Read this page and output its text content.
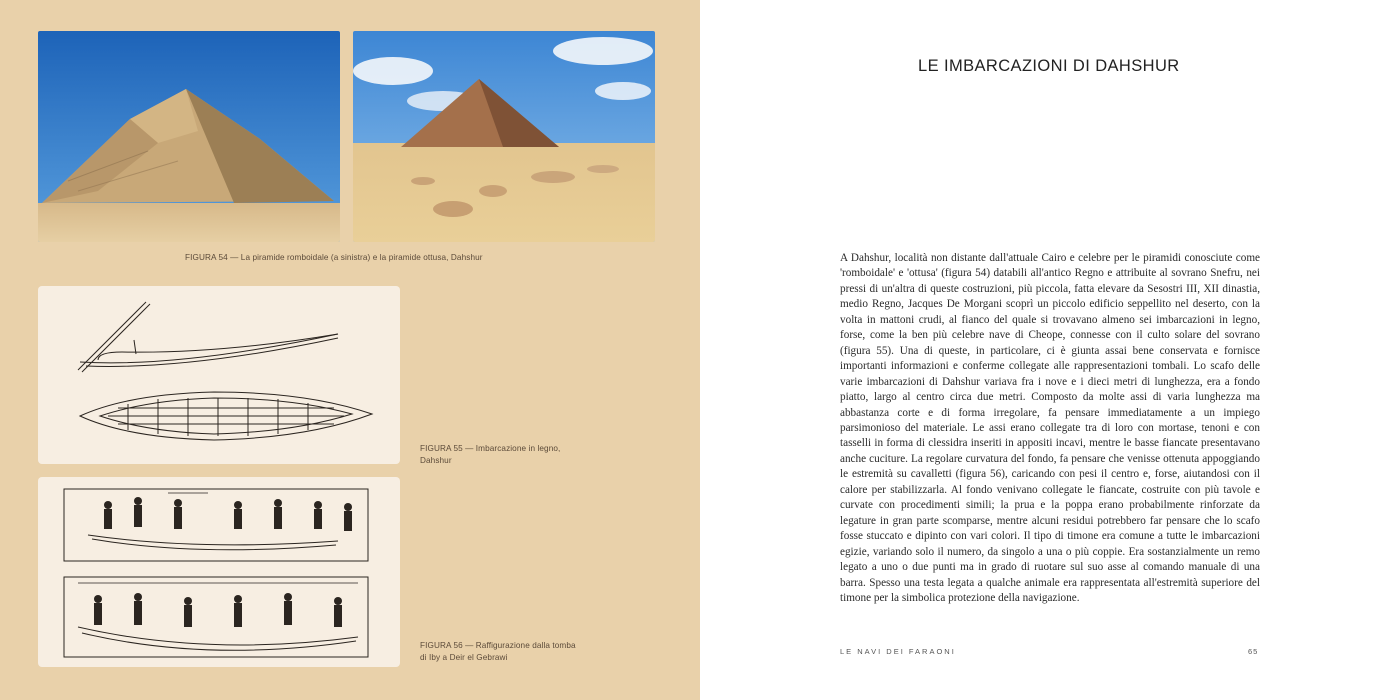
FIGURA 54 — La piramide romboidale (a sinistra) e la piramide ottusa, Dahshur
FIGURA 55 — Imbarcazione in legno,
Dahshur
FIGURA 56 — Raffigurazione dalla tomba
di Iby a Deir el Gebrawi
LE IMBARCAZIONI DI DAHSHUR
A Dahshur, località non distante dall'attuale Cairo e celebre per le piramidi conosciute come 'romboidale' e 'ottusa' (figura 54) databili all'antico Regno e attribuite al sovrano Snefru, nei pressi di un'altra di queste costruzioni, più piccola, fatta elevare da Sesostri III, XII dinastia, medio Regno, Jacques De Morgani scoprì un piccolo edificio seppellito nel deserto, con la volta in mattoni crudi, al fianco del quale si trovavano almeno sei imbarcazioni in legno, forse, come la ben più celebre nave di Cheope, connesse con il culto solare del sovrano (figura 55). Una di queste, in particolare, ci è giunta assai bene conservata e fornisce importanti informazioni e conferme collegate alle rappresentazioni tombali. Lo scafo delle varie imbarcazioni di Dahshur variava fra i nove e i dieci metri di lunghezza, era a fondo piatto, largo al centro circa due metri. Composto da molte assi di varia lunghezza ma abbastanza corte e di forma irregolare, fa pensare immediatamente a un impiego parsimonioso del materiale. Le assi erano collegate tra di loro con mortase, tenoni e con tasselli in forma di clessidra inseriti in appositi incavi, mentre le basse fiancate presentavano anche cuciture. La regolare curvatura del fondo, fa pensare che venisse ottenuta appoggiando le estremità su cavalletti (figura 56), caricando con pesi il centro e, forse, aiutandosi con il calore per stabilizzarla. Al fondo venivano collegate le fiancate, costruite con più tavole e curvate con procedimenti simili; la prua e la poppa erano probabilmente rinforzate da legature in gran parte scomparse, mentre alcuni residui potrebbero far pensare che lo scafo fosse stuccato e dipinto con vari colori. Il tipo di timone era comune a tutte le imbarcazioni egizie, variando solo il numero, da singolo a una o più coppie. Era sostanzialmente un remo legato a uno o due punti ma in grado di ruotare sul suo asse al comando manuale di una barra. Spesso una testa legata a qualche animale era rappresentata all'estremità superiore del timone per la simbolica protezione della navigazione.
LE NAVI DEI FARAONI	65
